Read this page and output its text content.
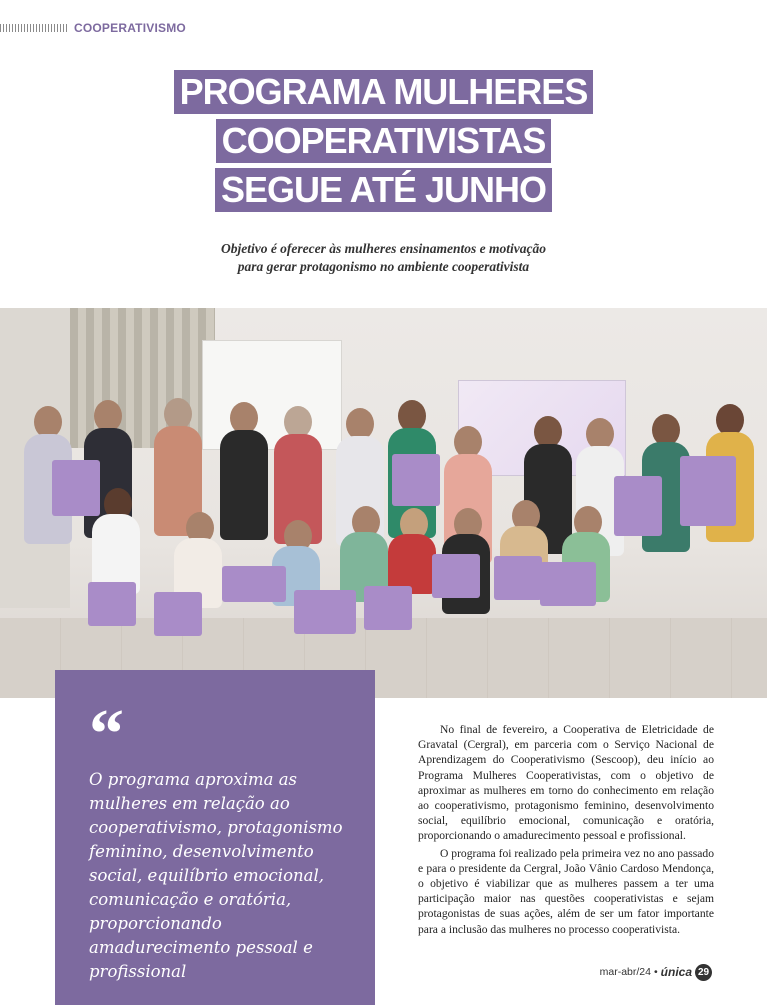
COOPERATIVISMO
PROGRAMA MULHERES
COOPERATIVISTAS
SEGUE ATÉ JUNHO
Objetivo é oferecer às mulheres ensinamentos e motivação
para gerar protagonismo no ambiente cooperativista
“

O programa aproxima as mulheres em relação ao cooperativismo, protagonismo feminino, desenvolvimento social, equilíbrio emocional, comunicação e oratória, proporcionando amadurecimento pessoal e profissional

No final de fevereiro, a Cooperativa de Eletricidade de Gravatal (Cergral), em parceria com o Serviço Nacional de Aprendizagem do Cooperativismo (Sescoop), deu início ao Programa Mulheres Cooperativistas, com o objetivo de aproximar as mulheres em torno do conhecimento em relação ao cooperativismo, protagonismo feminino, desenvolvimento social, equilíbrio emocional, comunicação e oratória, proporcionando o amadurecimento pessoal e profissional.

O programa foi realizado pela primeira vez no ano passado e para o presidente da Cergral, João Vânio Cardoso Mendonça, o objetivo é viabilizar que as mulheres passem a ter uma participação maior nas questões cooperativistas e sejam protagonistas de suas ações, além de ser um fator importante para a inclusão das mulheres no processo cooperativista.

mar-abr/24 • única 29
